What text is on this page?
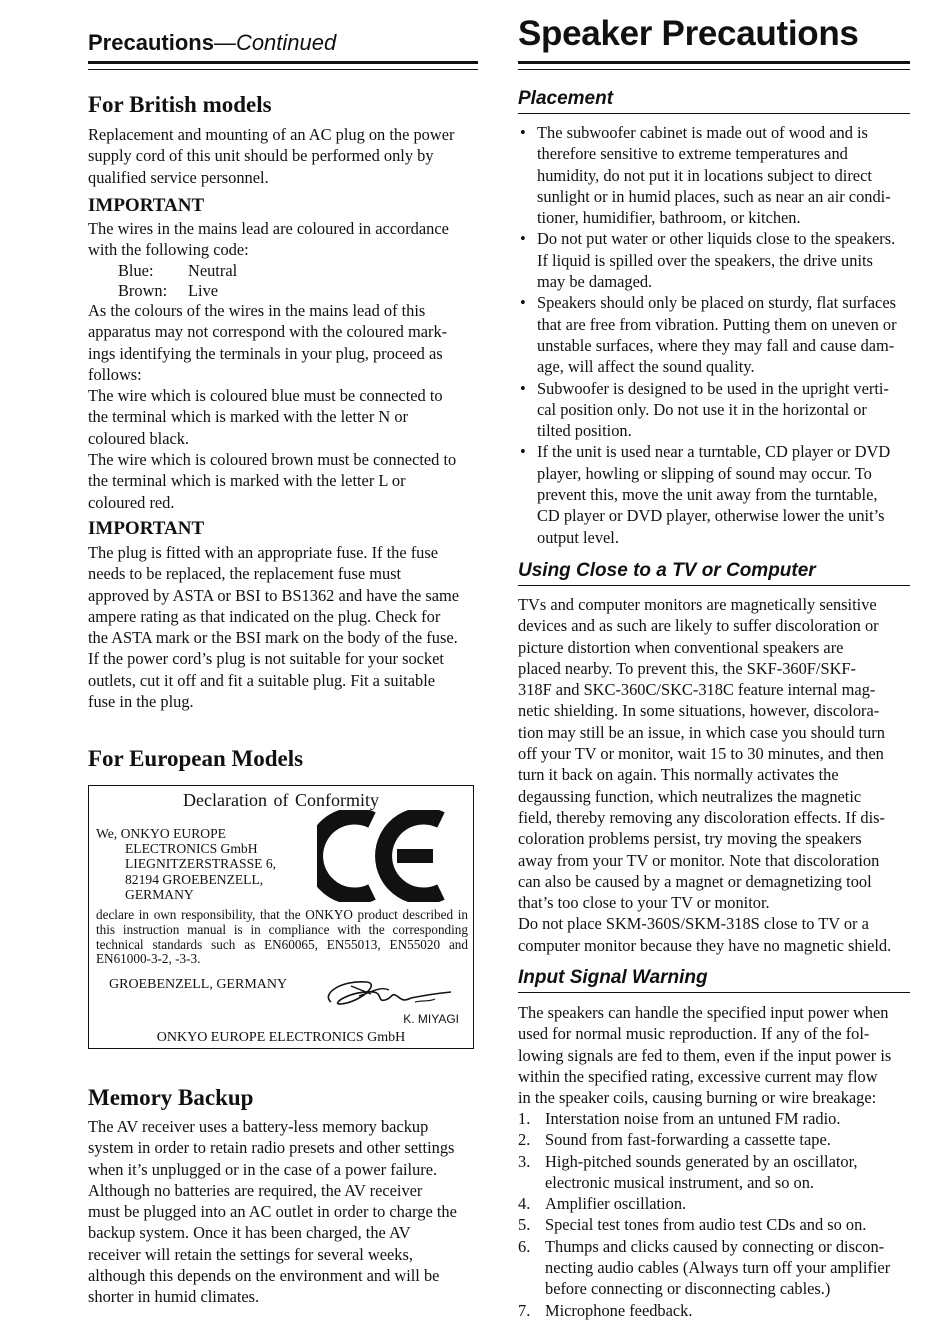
Precautions—Continued
For British models
Replacement and mounting of an AC plug on the power
supply cord of this unit should be performed only by
qualified service personnel.
IMPORTANT
The wires in the mains lead are coloured in accordance
with the following code:
Blue: Neutral
Brown: Live
As the colours of the wires in the mains lead of this
apparatus may not correspond with the coloured mark-
ings identifying the terminals in your plug, proceed as
follows:
The wire which is coloured blue must be connected to
the terminal which is marked with the letter N or
coloured black.
The wire which is coloured brown must be connected to
the terminal which is marked with the letter L or
coloured red.
IMPORTANT
The plug is fitted with an appropriate fuse. If the fuse
needs to be replaced, the replacement fuse must
approved by ASTA or BSI to BS1362 and have the same
ampere rating as that indicated on the plug. Check for
the ASTA mark or the BSI mark on the body of the fuse.
If the power cord’s plug is not suitable for your socket
outlets, cut it off and fit a suitable plug. Fit a suitable
fuse in the plug.
For European Models
Declaration of Conformity
We, ONKYO EUROPE
ELECTRONICS GmbH
LIEGNITZERSTRASSE 6,
82194 GROEBENZELL,
GERMANY
declare in own responsibility, that the ONKYO product described in this instruction manual is in compliance with the corresponding technical standards such as EN60065, EN55013, EN55020 and EN61000-3-2, -3-3.
GROEBENZELL, GERMANY
K. MIYAGI
ONKYO EUROPE ELECTRONICS GmbH
Memory Backup
The AV receiver uses a battery-less memory backup
system in order to retain radio presets and other settings
when it’s unplugged or in the case of a power failure.
Although no batteries are required, the AV receiver
must be plugged into an AC outlet in order to charge the
backup system. Once it has been charged, the AV
receiver will retain the settings for several weeks,
although this depends on the environment and will be
shorter in humid climates.
Speaker Precautions
Placement
• The subwoofer cabinet is made out of wood and is
therefore sensitive to extreme temperatures and
humidity, do not put it in locations subject to direct
sunlight or in humid places, such as near an air condi-
tioner, humidifier, bathroom, or kitchen.
• Do not put water or other liquids close to the speakers.
If liquid is spilled over the speakers, the drive units
may be damaged.
• Speakers should only be placed on sturdy, flat surfaces
that are free from vibration. Putting them on uneven or
unstable surfaces, where they may fall and cause dam-
age, will affect the sound quality.
• Subwoofer is designed to be used in the upright verti-
cal position only. Do not use it in the horizontal or
tilted position.
• If the unit is used near a turntable, CD player or DVD
player, howling or slipping of sound may occur. To
prevent this, move the unit away from the turntable,
CD player or DVD player, otherwise lower the unit’s
output level.
Using Close to a TV or Computer
TVs and computer monitors are magnetically sensitive
devices and as such are likely to suffer discoloration or
picture distortion when conventional speakers are
placed nearby. To prevent this, the SKF-360F/SKF-
318F and SKC-360C/SKC-318C feature internal mag-
netic shielding. In some situations, however, discolora-
tion may still be an issue, in which case you should turn
off your TV or monitor, wait 15 to 30 minutes, and then
turn it back on again. This normally activates the
degaussing function, which neutralizes the magnetic
field, thereby removing any discoloration effects. If dis-
coloration problems persist, try moving the speakers
away from your TV or monitor. Note that discoloration
can also be caused by a magnet or demagnetizing tool
that’s too close to your TV or monitor.
Do not place SKM-360S/SKM-318S close to TV or a
computer monitor because they have no magnetic shield.
Input Signal Warning
The speakers can handle the specified input power when
used for normal music reproduction. If any of the fol-
lowing signals are fed to them, even if the input power is
within the specified rating, excessive current may flow
in the speaker coils, causing burning or wire breakage:
1. Interstation noise from an untuned FM radio.
2. Sound from fast-forwarding a cassette tape.
3. High-pitched sounds generated by an oscillator,
electronic musical instrument, and so on.
4. Amplifier oscillation.
5. Special test tones from audio test CDs and so on.
6. Thumps and clicks caused by connecting or discon-
necting audio cables (Always turn off your amplifier
before connecting or disconnecting cables.)
7. Microphone feedback.
